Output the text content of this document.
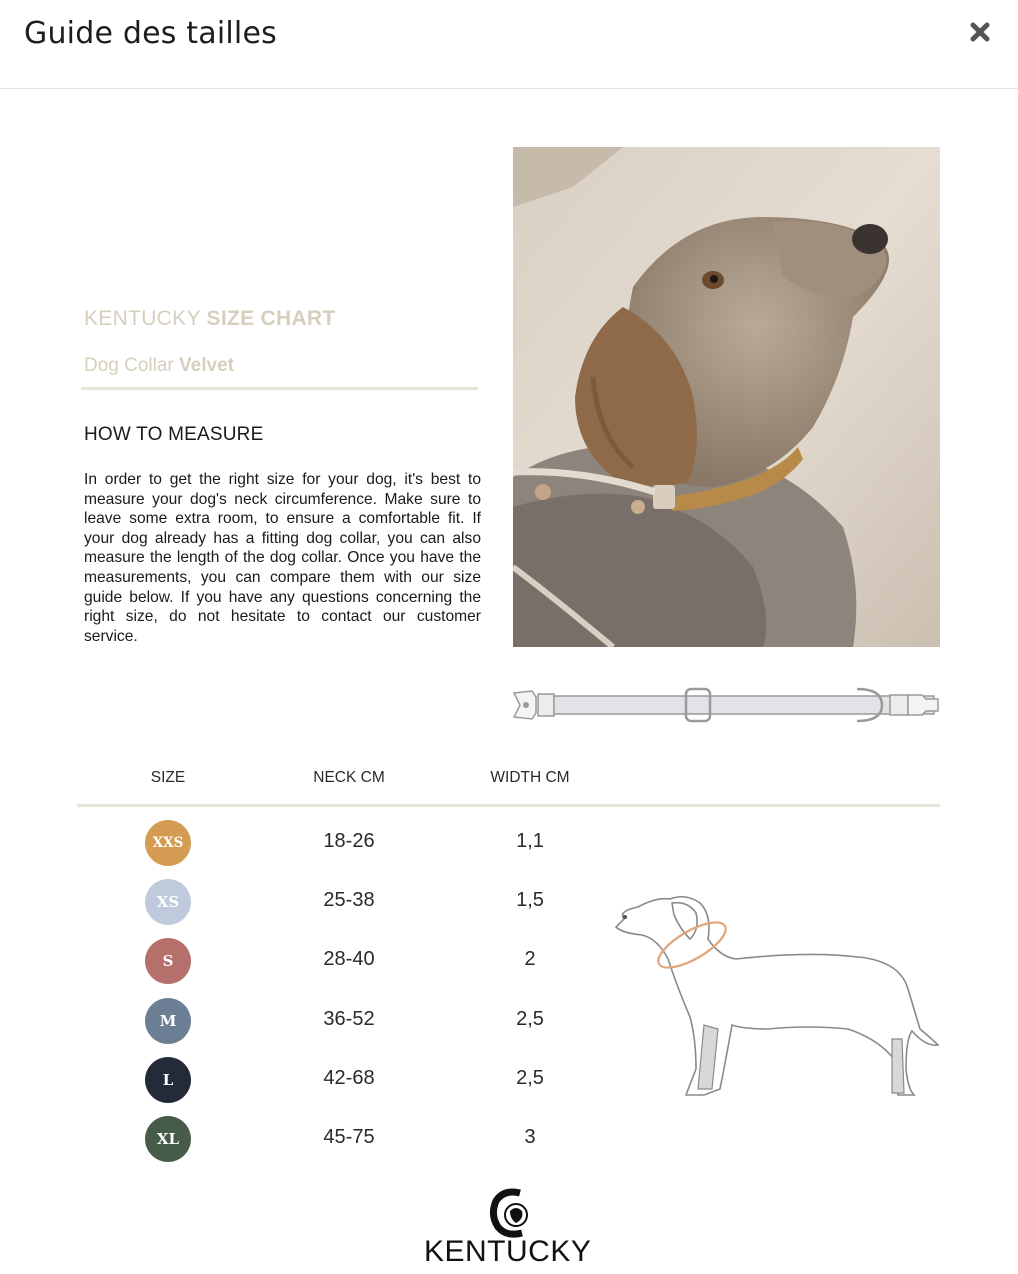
Guide des tailles
KENTUCKY SIZE CHART
Dog Collar Velvet
HOW TO MEASURE
In order to get the right size for your dog, it's best to measure your dog's neck circumference. Make sure to leave some extra room, to ensure a comfortable fit. If your dog already has a fitting dog collar, you can also measure the length of the dog collar. Once you have the measurements, you can compare them with our size guide below. If you have any questions concerning the right size, do not hesitate to contact our customer service.
SIZE	NECK CM	WIDTH CM
XXS	18-26	1,1
XS	25-38	1,5
S	28-40	2
M	36-52	2,5
L	42-68	2,5
XL	45-75	3
KENTUCKY
